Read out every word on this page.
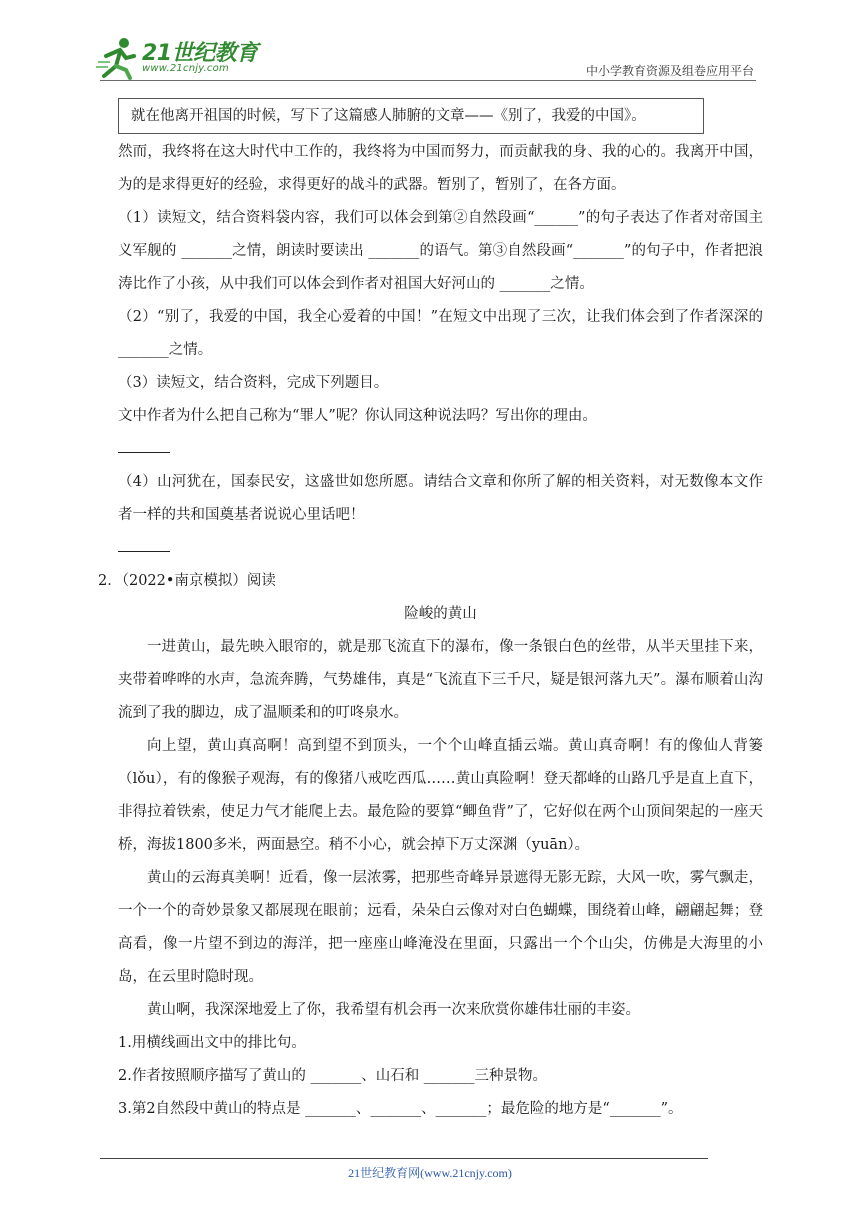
21世纪教育
www.21cnjy.com	中小学教育资源及组卷应用平台
就在他离开祖国的时候，写下了这篇感人肺腑的文章——《别了，我爱的中国》。

然而，我终将在这大时代中工作的，我终将为中国而努力，而贡献我的身、我的心的。我离开中国，为的是求得更好的经验，求得更好的战斗的武器。暂别了，暂别了，在各方面。

（1）读短文，结合资料袋内容，我们可以体会到第②自然段画“______”的句子表达了作者对帝国主义军舰的 _______之情，朗读时要读出 _______的语气。第③自然段画“_______”的句子中，作者把浪涛比作了小孩，从中我们可以体会到作者对祖国大好河山的 _______之情。

（2）“别了，我爱的中国，我全心爱着的中国！”在短文中出现了三次，让我们体会到了作者深深的 _______之情。

（3）读短文，结合资料，完成下列题目。

文中作者为什么把自己称为“罪人”呢？你认同这种说法吗？写出你的理由。

（4）山河犹在，国泰民安，这盛世如您所愿。请结合文章和你所了解的相关资料，对无数像本文作者一样的共和国奠基者说说心里话吧！

2．（2022•南京模拟）阅读

险峻的黄山

一进黄山，最先映入眼帘的，就是那飞流直下的瀑布，像一条银白色的丝带，从半天里挂下来，夹带着哗哗的水声，急流奔腾，气势雄伟，真是“飞流直下三千尺，疑是银河落九天”。瀑布顺着山沟流到了我的脚边，成了温顺柔和的叮咚泉水。

向上望，黄山真高啊！高到望不到顶头，一个个山峰直插云端。黄山真奇啊！有的像仙人背篓（lǒu），有的像猴子观海，有的像猪八戒吃西瓜……黄山真险啊！登天都峰的山路几乎是直上直下，非得拉着铁索，使足力气才能爬上去。最危险的要算“鲫鱼背”了，它好似在两个山顶间架起的一座天桥，海拔1800多米，两面悬空。稍不小心，就会掉下万丈深渊（yuān）。

黄山的云海真美啊！近看，像一层浓雾，把那些奇峰异景遮得无影无踪，大风一吹，雾气飘走，一个一个的奇妙景象又都展现在眼前；远看，朵朵白云像对对白色蝴蝶，围绕着山峰，翩翩起舞；登高看，像一片望不到边的海洋，把一座座山峰淹没在里面，只露出一个个山尖，仿佛是大海里的小岛，在云里时隐时现。

黄山啊，我深深地爱上了你，我希望有机会再一次来欣赏你雄伟壮丽的丰姿。

1.用横线画出文中的排比句。

2.作者按照顺序描写了黄山的 _______、山石和 _______三种景物。

3.第2自然段中黄山的特点是 _______、_______、_______；最危险的地方是“_______”。

21世纪教育网(www.21cnjy.com)
